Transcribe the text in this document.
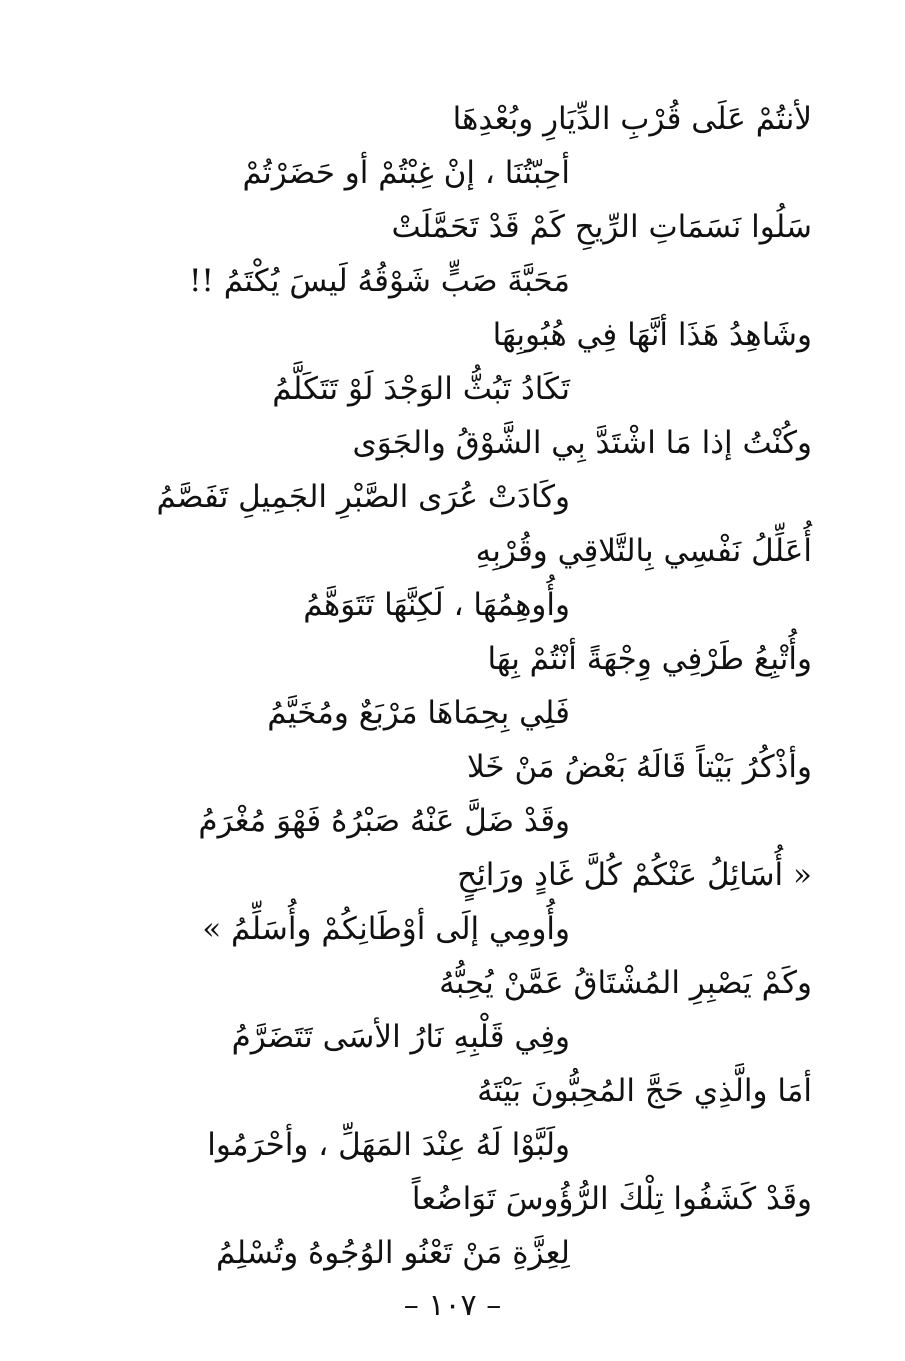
لأنتُمْ عَلَى قُرْبِ الدِّيَارِ وبُعْدِهَا
أحِبّتُنَا ، إنْ غِبْتُمْ أو حَضَرْتُمْ
سَلُوا نَسَمَاتِ الرِّيحِ كَمْ قَدْ تَحَمَّلَتْ
مَحَبَّةَ صَبٍّ شَوْقُهُ لَيسَ يُكْتَمُ !!
وشَاهِدُ هَذَا أنَّهَا فِي هُبُوبِهَا
تَكَادُ تَبُثُّ الوَجْدَ لَوْ تَتَكَلَّمُ
وكُنْتُ إذا مَا اشْتَدَّ بِي الشَّوْقُ والجَوَى
وكَادَتْ عُرَى الصَّبْرِ الجَمِيلِ تَفَصَّمُ
أُعَلِّلُ نَفْسِي بِالتَّلاقِي وقُرْبِهِ
وأُوهِمُهَا ، لَكِنَّهَا تَتَوَهَّمُ
وأُتْبِعُ طَرْفِي وِجْهَةً أنْتُمْ بِهَا
فَلِي بِحِمَاهَا مَرْبَعٌ ومُخَيَّمُ
وأذْكُرُ بَيْتاً قَالَهُ بَعْضُ مَنْ خَلا
وقَدْ ضَلَّ عَنْهُ صَبْرُهُ فَهْوَ مُغْرَمُ
« أُسَائِلُ عَنْكُمْ كُلَّ غَادٍ ورَائِحٍ
وأُومِي إلَى أوْطَانِكُمْ وأُسَلِّمُ »
وكَمْ يَصْبِرِ المُشْتَاقُ عَمَّنْ يُحِبُّهُ
وفِي قَلْبِهِ نَارُ الأسَى تَتَضَرَّمُ
أمَا والَّذِي حَجَّ المُحِبُّونَ بَيْتَهُ
ولَبَّوْا لَهُ عِنْدَ المَهَلِّ ، وأحْرَمُوا
وقَدْ كَشَفُوا تِلْكَ الرُّؤُوسَ تَوَاضُعاً
لِعِزَّةِ مَنْ تَعْنُو الوُجُوهُ وتُسْلِمُ
– ١٠٧ –
